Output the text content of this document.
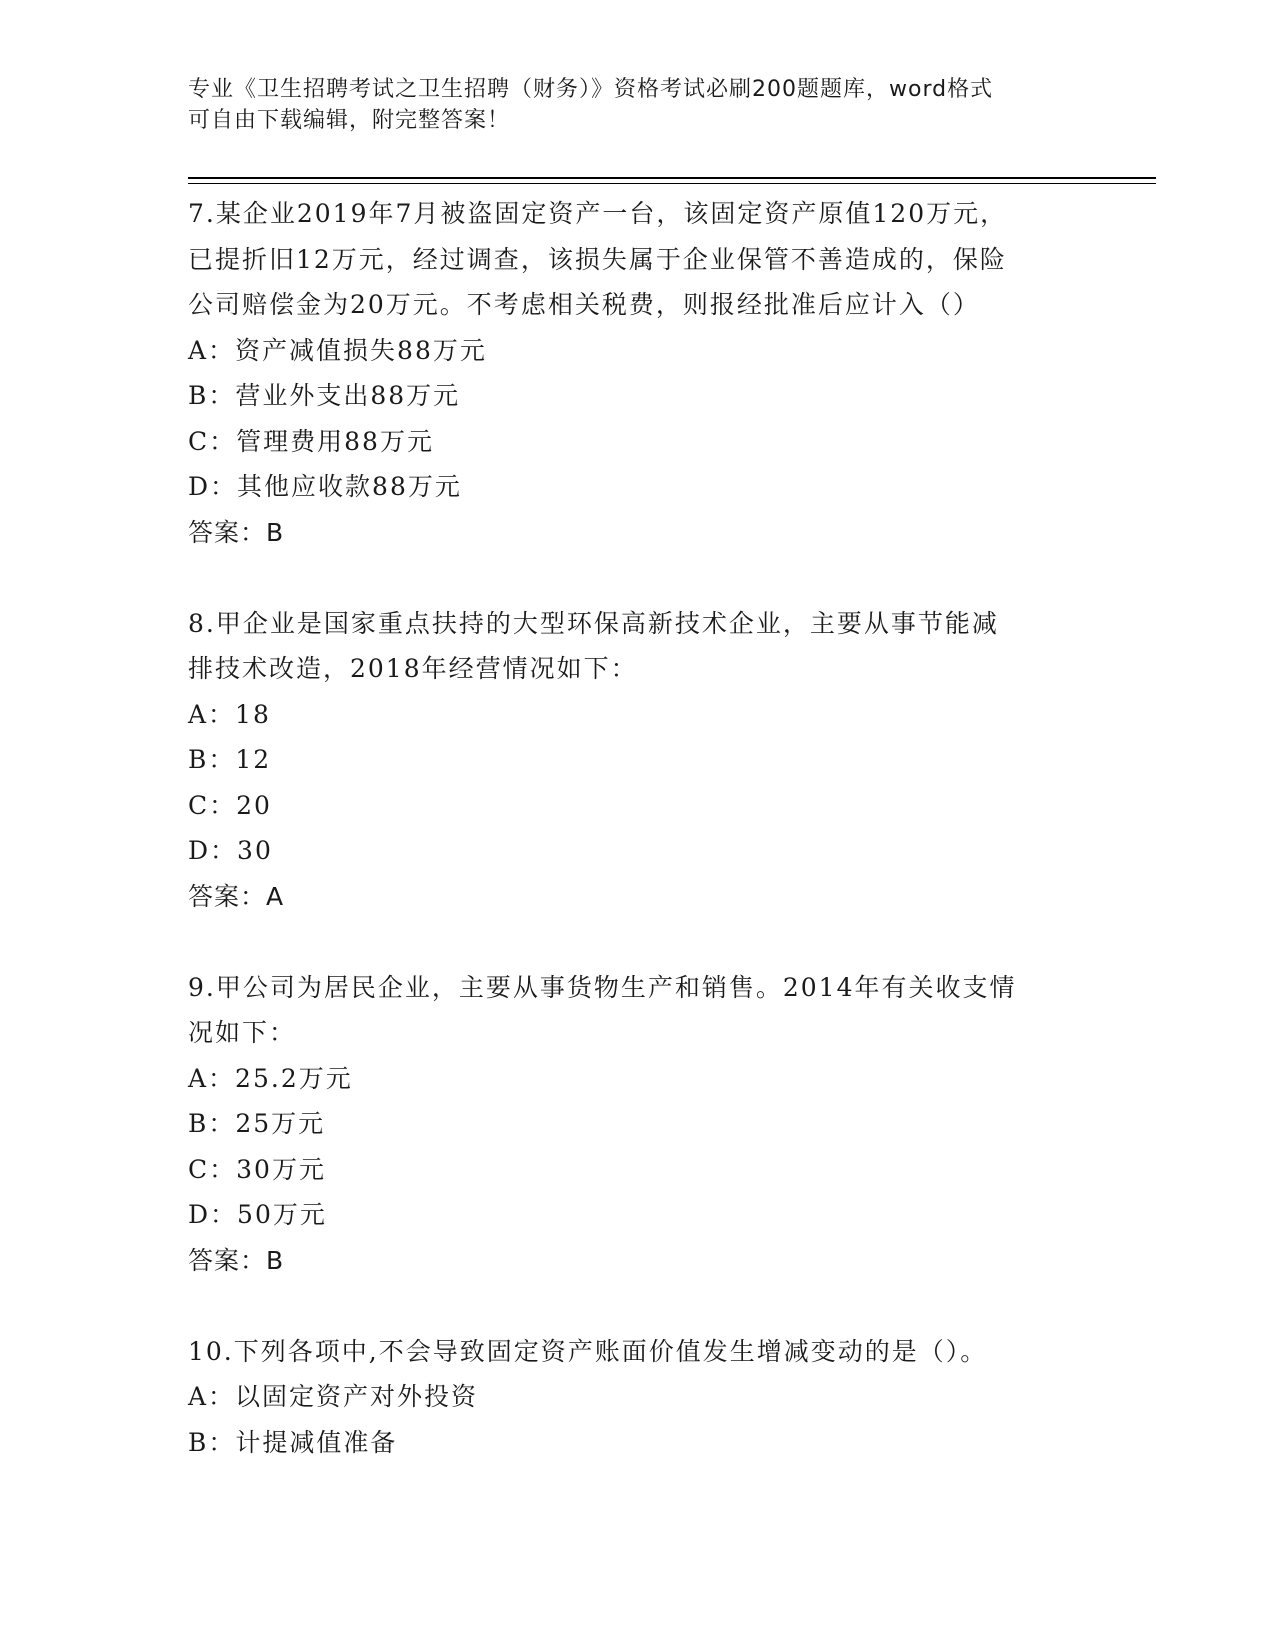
专业《卫生招聘考试之卫生招聘（财务）》资格考试必刷200题题库，word格式
可自由下载编辑，附完整答案！

7.某企业2019年7月被盗固定资产一台，该固定资产原值120万元，

已提折旧12万元，经过调查，该损失属于企业保管不善造成的，保险

公司赔偿金为20万元。不考虑相关税费，则报经批准后应计入（）

A：资产减值损失88万元

B：营业外支出88万元

C：管理费用88万元

D：其他应收款88万元

答案：B

8.甲企业是国家重点扶持的大型环保高新技术企业，主要从事节能减

排技术改造，2018年经营情况如下：

A：18

B：12

C：20

D：30

答案：A

9.甲公司为居民企业，主要从事货物生产和销售。2014年有关收支情

况如下：

A：25.2万元

B：25万元

C：30万元

D：50万元

答案：B

10.下列各项中,不会导致固定资产账面价值发生增减变动的是（）。

A：以固定资产对外投资

B：计提减值准备
